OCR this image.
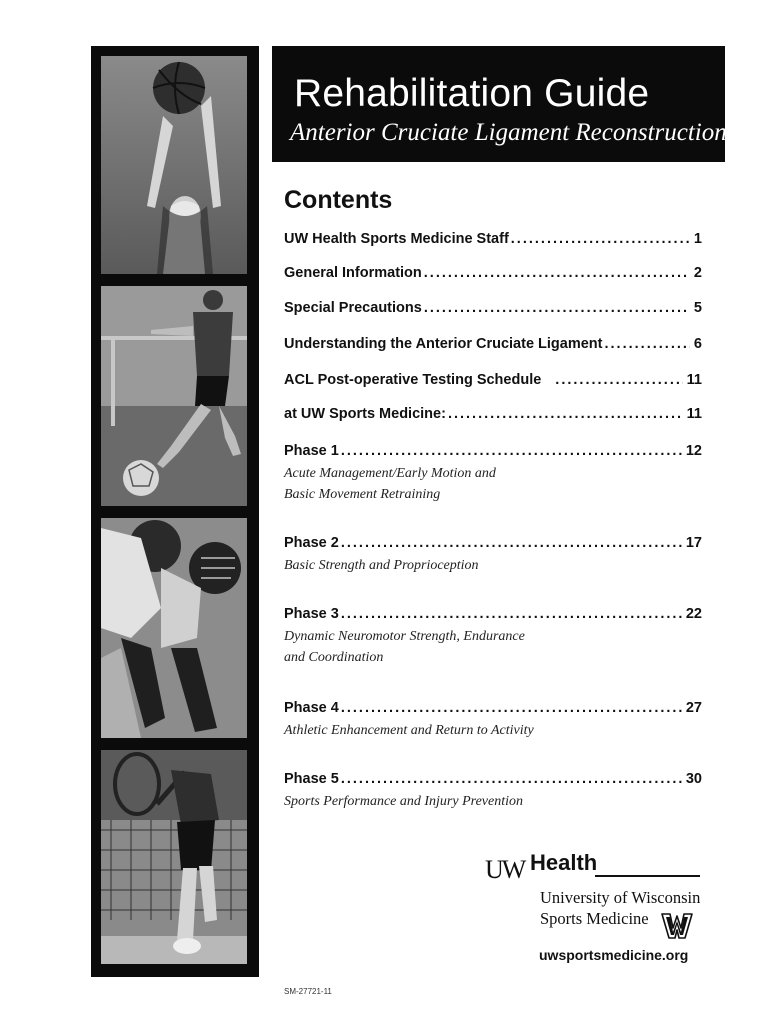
Rehabilitation Guide

Anterior Cruciate Ligament Reconstruction

Contents
UW Health Sports Medicine Staff .....	1
General Information .....	2
Special Precautions .....	5
Understanding the Anterior Cruciate Ligament .....	6
ACL Post-operative Testing Schedule .....	11
at UW Sports Medicine: .....	11
Phase 1 .....	12
Acute Management/Early Motion and
Basic Movement Retraining
Phase 2 .....	17
Basic Strength and Proprioception
Phase 3 .....	22
Dynamic Neuromotor Strength, Endurance
and Coordination
Phase 4 .....	27
Athletic Enhancement and Return to Activity
Phase 5 .....	30
Sports Performance and Injury Prevention
UW Health
University of Wisconsin
Sports Medicine
uwsportsmedicine.org
SM-27721-11
